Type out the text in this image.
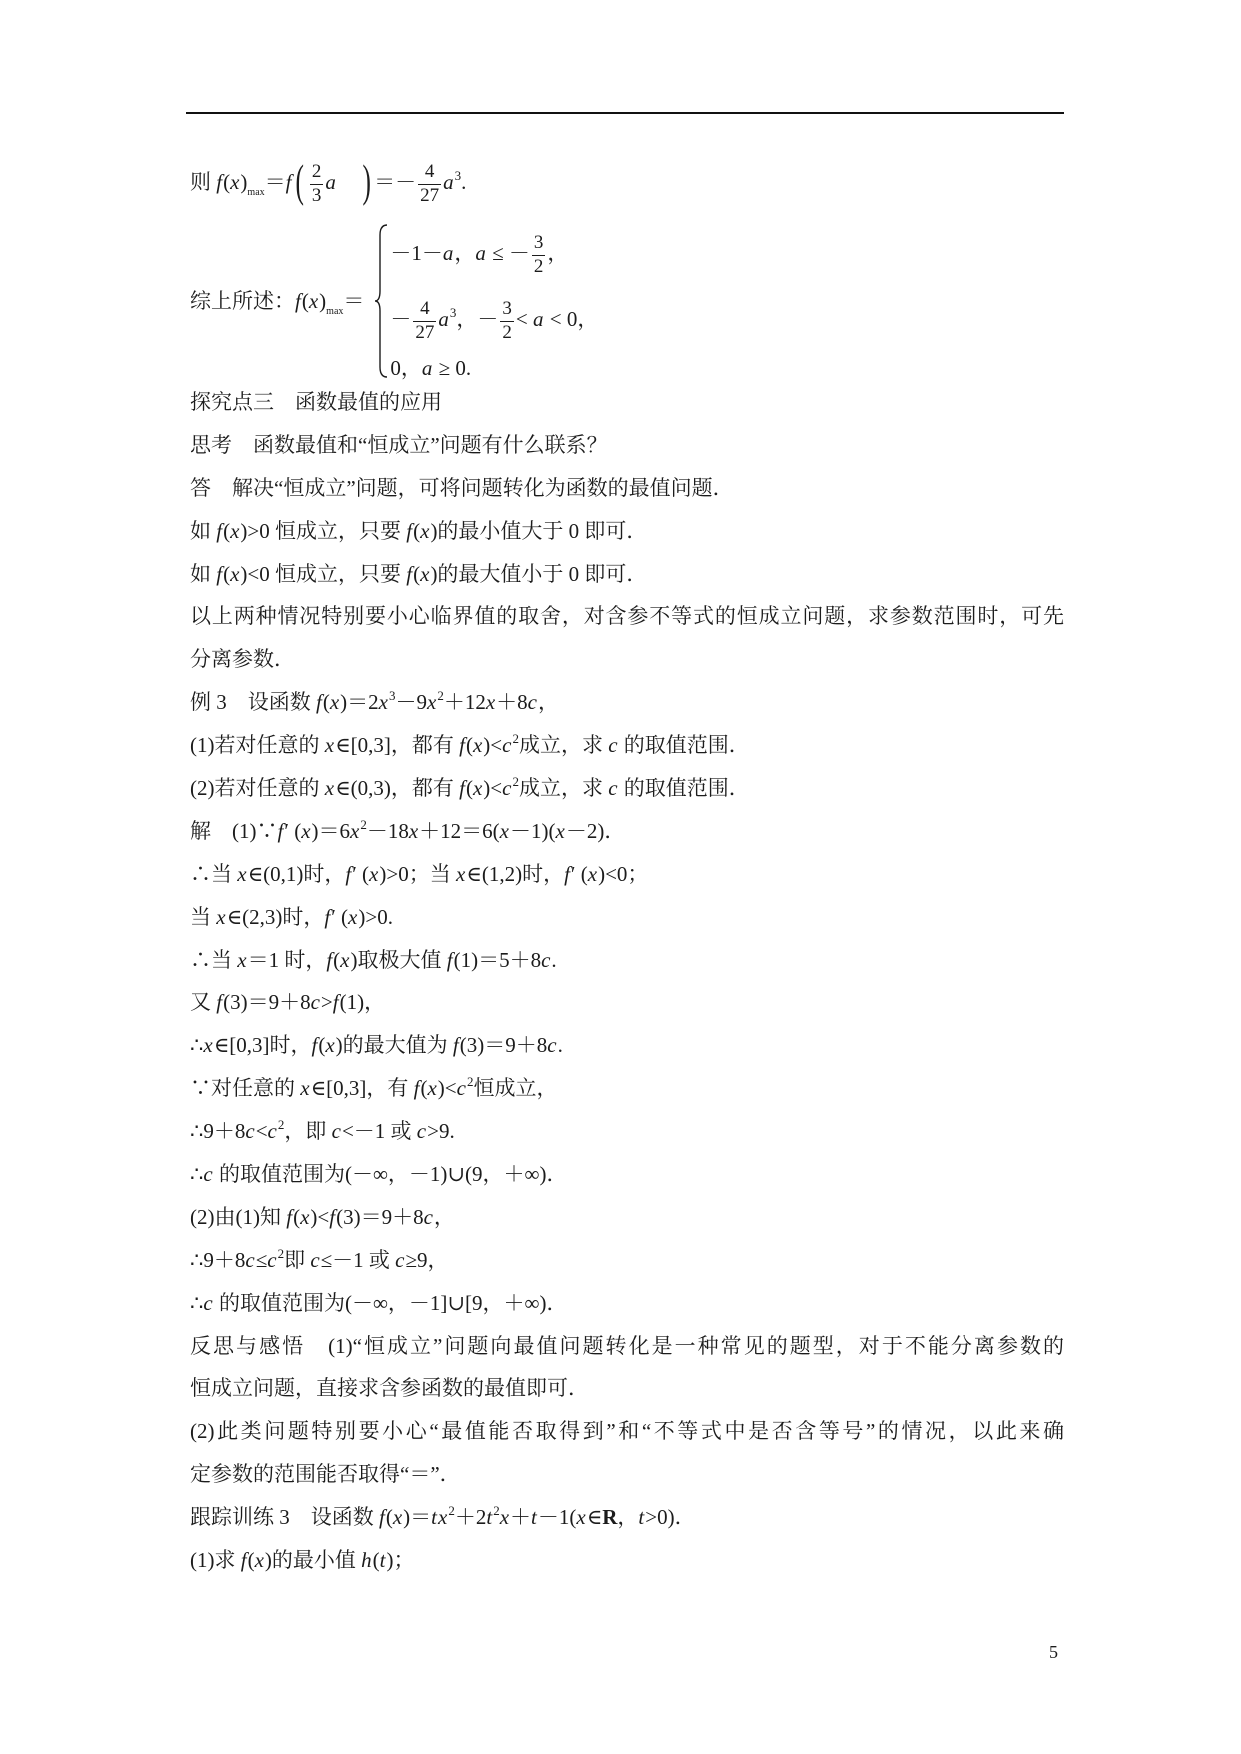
则 $f(x)_{max}=f( \frac{2}{3}$ a ) ＝－ $\frac{4}{27} a^3$.
综上所述：$f(x)_{max}=$
－1－a，a ≤ － $\frac{3}{2}$ ，
－ $\frac{4}{27} a^3$，－ $\frac{3}{2} < a < 0$，
0，a ≥ 0.
探究点三　函数最值的应用
思考　函数最值和“恒成立”问题有什么联系？
答　解决“恒成立”问题，可将问题转化为函数的最值问题．
如 f(x)>0 恒成立，只要 f(x)的最小值大于 0 即可．
如 f(x)<0 恒成立，只要 f(x)的最大值小于 0 即可．
以上两种情况特别要小心临界值的取舍，对含参不等式的恒成立问题，求参数范围时，可先
分离参数．
例 3　设函数 $f(x)=2x^3-9x^2+12x+8c$，
(1)若对任意的 x∈[0,3]，都有 $f(x)<c^2$成立，求 c 的取值范围．
(2)若对任意的 x∈(0,3)，都有 $f(x)<c^2$成立，求 c 的取值范围．
解　(1)∵f′ $(x)=6x^2-18x+12=6(x-1)(x-2)$．
∴当 x∈(0,1)时，f′ (x)>0；当 x∈(1,2)时，f′ (x)<0；
当 x∈(2,3)时，f′ (x)>0.
∴当 x＝1 时，f(x)取极大值 f(1)＝5＋8c.
又 f(3)＝9＋8c>f(1)，
∴x∈[0,3]时，f(x)的最大值为 f(3)＝9＋8c.
∵对任意的 x∈[0,3]，有 $f(x)<c^2$恒成立，
$\therefore 9+8c<c^2$，即 c<－1 或 c>9.
∴c 的取值范围为(－∞，－1)∪(9，＋∞)．
(2)由(1)知 f(x)<f(3)＝9＋8c，
$\therefore 9+8c\le c^2$即 c≤－1 或 c≥9，
∴c 的取值范围为(－∞，－1]∪[9，＋∞)．
反思与感悟　(1)“恒成立”问题向最值问题转化是一种常见的题型，对于不能分离参数的
恒成立问题，直接求含参函数的最值即可．
(2)此类问题特别要小心“最值能否取得到”和“不等式中是否含等号”的情况，以此来确
定参数的范围能否取得“＝”．
跟踪训练 3　设函数 $f(x)=tx^2+2t^2x+t-1(x\in R$，t>0)．
(1)求 f(x)的最小值 h(t)；
5
